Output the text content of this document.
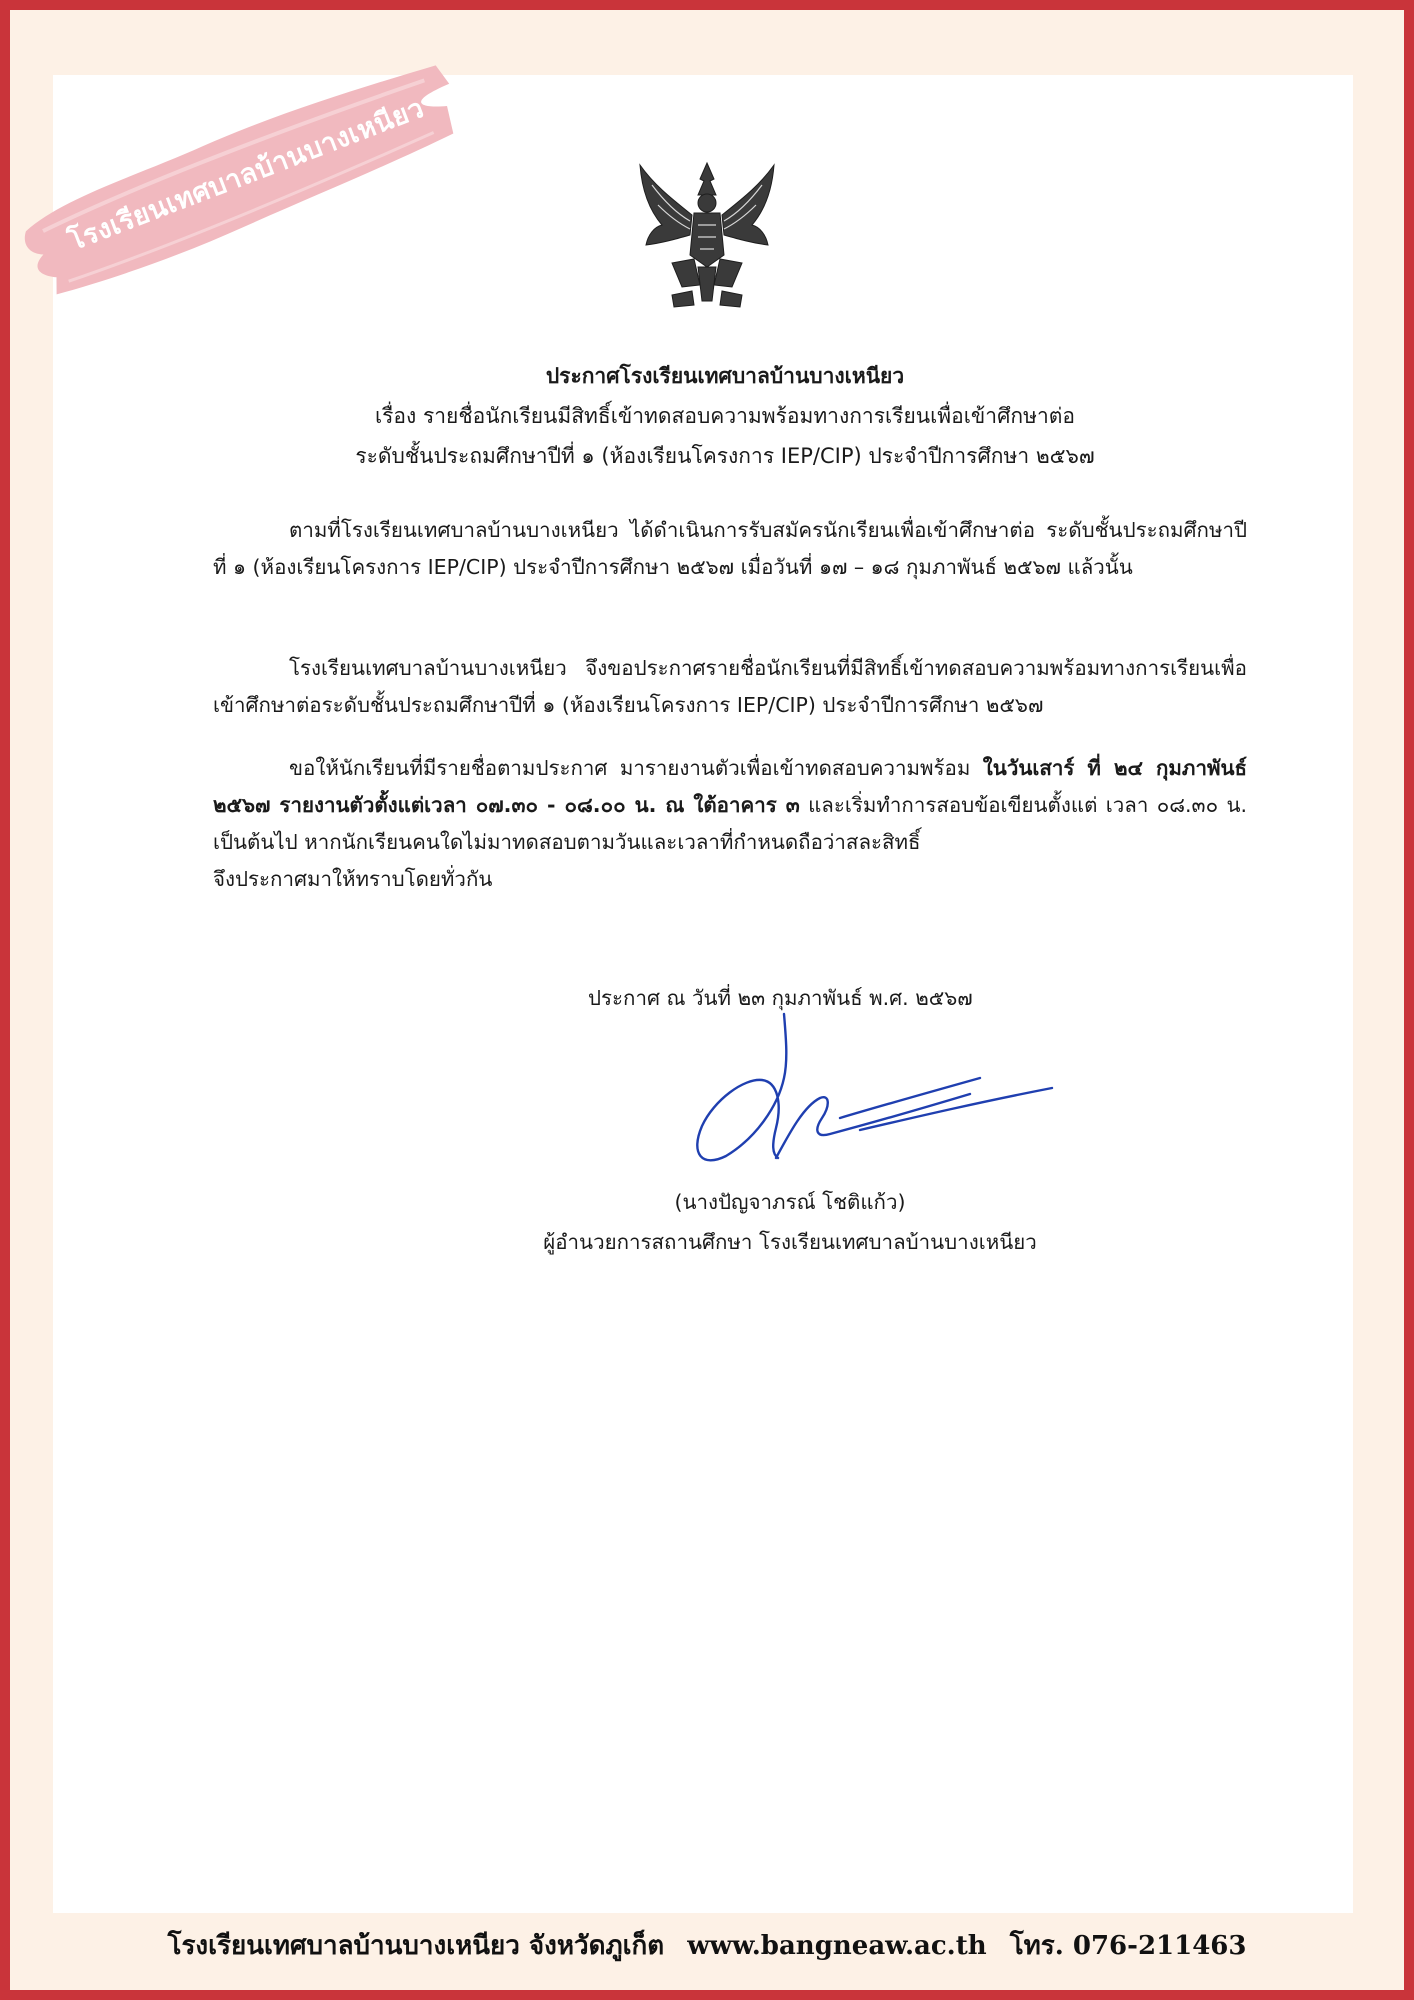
โรงเรียนเทศบาลบ้านบางเหนียว
ประกาศโรงเรียนเทศบาลบ้านบางเหนียว
เรื่อง รายชื่อนักเรียนมีสิทธิ์เข้าทดสอบความพร้อมทางการเรียนเพื่อเข้าศึกษาต่อ
ระดับชั้นประถมศึกษาปีที่ ๑ (ห้องเรียนโครงการ IEP/CIP) ประจำปีการศึกษา ๒๕๖๗
ตามที่โรงเรียนเทศบาลบ้านบางเหนียว ได้ดำเนินการรับสมัครนักเรียนเพื่อเข้าศึกษาต่อ ระดับชั้นประถมศึกษาปีที่ ๑ (ห้องเรียนโครงการ IEP/CIP) ประจำปีการศึกษา ๒๕๖๗ เมื่อวันที่ ๑๗ – ๑๘ กุมภาพันธ์ ๒๕๖๗ แล้วนั้น
โรงเรียนเทศบาลบ้านบางเหนียว จึงขอประกาศรายชื่อนักเรียนที่มีสิทธิ์เข้าทดสอบความพร้อมทางการเรียนเพื่อเข้าศึกษาต่อระดับชั้นประถมศึกษาปีที่ ๑ (ห้องเรียนโครงการ IEP/CIP) ประจำปีการศึกษา ๒๕๖๗
ขอให้นักเรียนที่มีรายชื่อตามประกาศ มารายงานตัวเพื่อเข้าทดสอบความพร้อม ในวันเสาร์ ที่ ๒๔ กุมภาพันธ์ ๒๕๖๗ รายงานตัวตั้งแต่เวลา ๐๗.๓๐ - ๐๘.๐๐ น. ณ ใต้อาคาร ๓ และเริ่มทำการสอบข้อเขียนตั้งแต่ เวลา ๐๘.๓๐ น. เป็นต้นไป หากนักเรียนคนใดไม่มาทดสอบตามวันและเวลาที่กำหนดถือว่าสละสิทธิ์
จึงประกาศมาให้ทราบโดยทั่วกัน
ประกาศ ณ วันที่ ๒๓ กุมภาพันธ์ พ.ศ. ๒๕๖๗
(นางปัญจาภรณ์ โชติแก้ว)
ผู้อำนวยการสถานศึกษา โรงเรียนเทศบาลบ้านบางเหนียว
โรงเรียนเทศบาลบ้านบางเหนียว จังหวัดภูเก็ต www.bangneaw.ac.th โทร. 076-211463
